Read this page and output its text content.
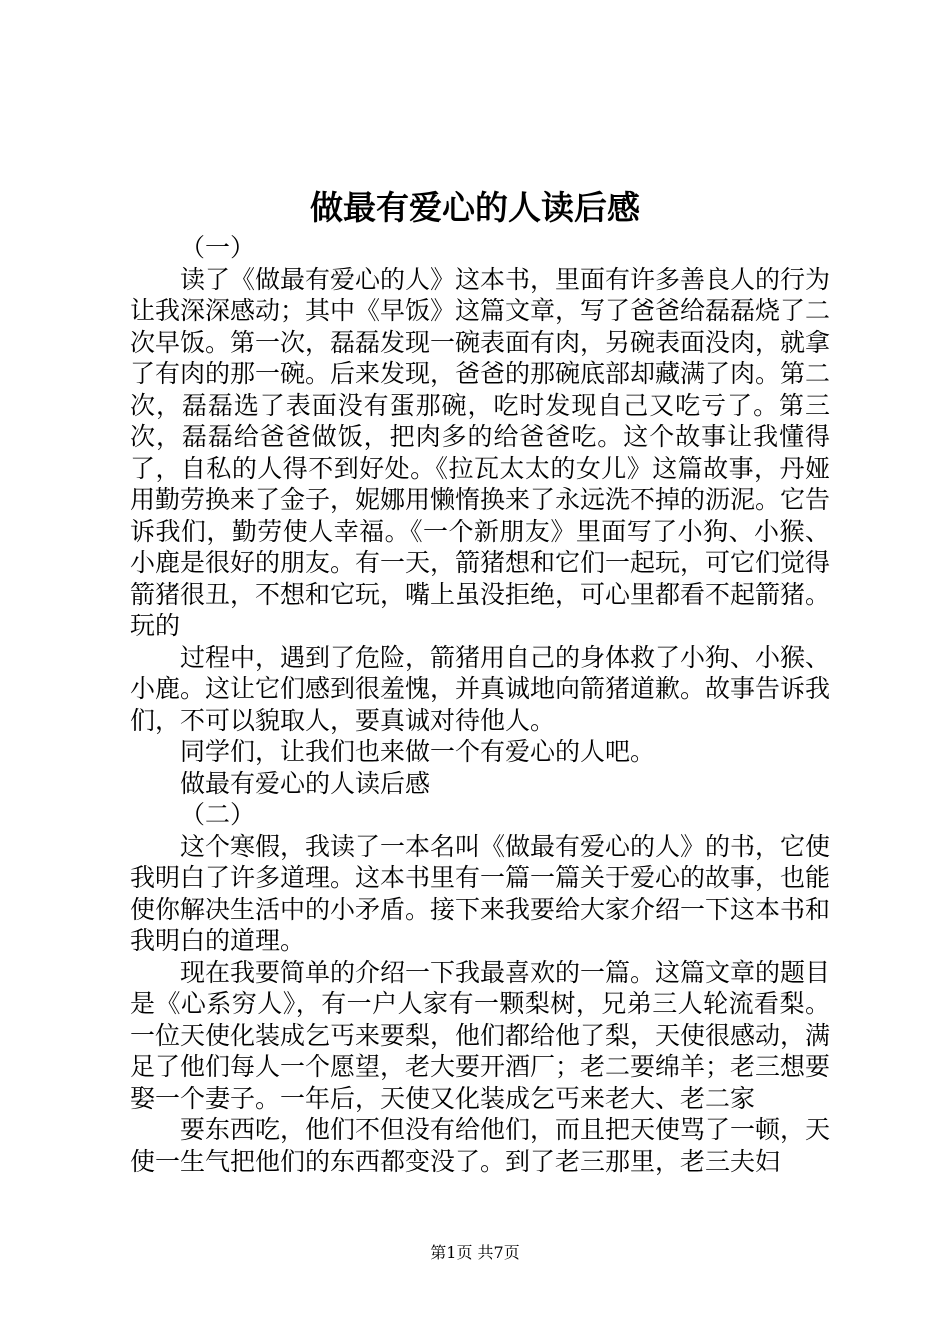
做最有爱心的人读后感

（一）

读了《做最有爱心的人》这本书，里面有许多善良人的行为让我深深感动；其中《早饭》这篇文章，写了爸爸给磊磊烧了二次早饭。第一次，磊磊发现一碗表面有肉，另碗表面没肉，就拿了有肉的那一碗。后来发现，爸爸的那碗底部却藏满了肉。第二次，磊磊选了表面没有蛋那碗，吃时发现自己又吃亏了。第三次，磊磊给爸爸做饭，把肉多的给爸爸吃。这个故事让我懂得了，自私的人得不到好处。《拉瓦太太的女儿》这篇故事，丹娅用勤劳换来了金子，妮娜用懒惰换来了永远洗不掉的沥泥。它告诉我们，勤劳使人幸福。《一个新朋友》里面写了小狗、小猴、小鹿是很好的朋友。有一天，箭猪想和它们一起玩，可它们觉得箭猪很丑，不想和它玩，嘴上虽没拒绝，可心里都看不起箭猪。玩的

过程中，遇到了危险，箭猪用自己的身体救了小狗、小猴、小鹿。这让它们感到很羞愧，并真诚地向箭猪道歉。故事告诉我们，不可以貌取人，要真诚对待他人。

同学们，让我们也来做一个有爱心的人吧。

做最有爱心的人读后感

（二）

这个寒假，我读了一本名叫《做最有爱心的人》的书，它使我明白了许多道理。这本书里有一篇一篇关于爱心的故事，也能使你解决生活中的小矛盾。接下来我要给大家介绍一下这本书和我明白的道理。

现在我要简单的介绍一下我最喜欢的一篇。这篇文章的题目是《心系穷人》，有一户人家有一颗梨树，兄弟三人轮流看梨。一位天使化装成乞丐来要梨，他们都给他了梨，天使很感动，满足了他们每人一个愿望，老大要开酒厂；老二要绵羊；老三想要娶一个妻子。一年后，天使又化装成乞丐来老大、老二家

要东西吃，他们不但没有给他们，而且把天使骂了一顿，天使一生气把他们的东西都变没了。到了老三那里，老三夫妇

第1页 共7页
